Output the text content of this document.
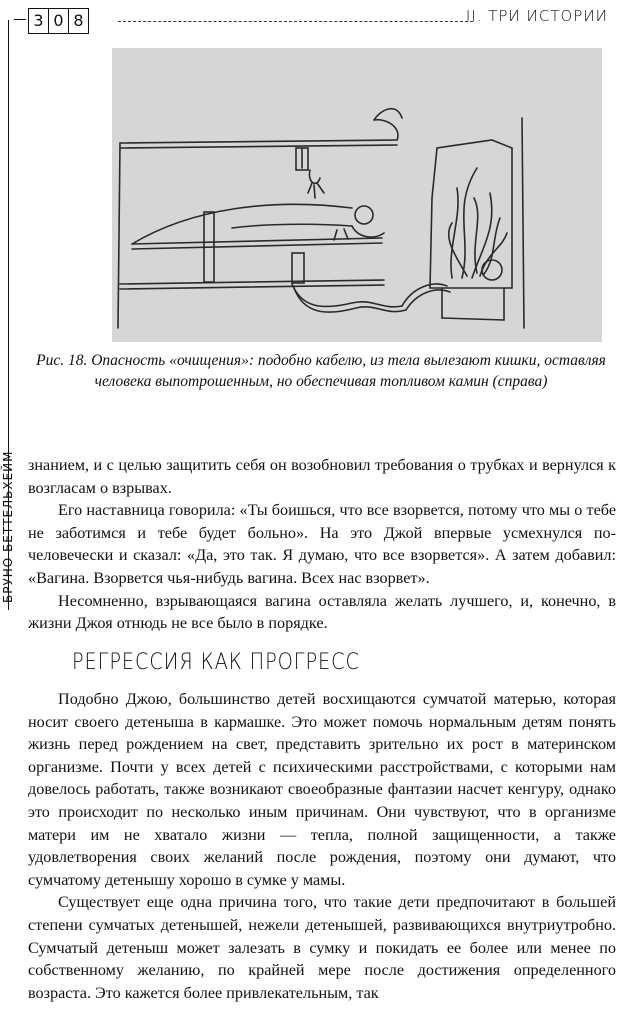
3 0 8	II. ТРИ ИСТОРИИ
БРУНО БЕТТЕЛЬХЕЙМ
Рис. 18. Опасность «очищения»: подобно кабелю, из тела вылезают кишки, оставляя человека выпотрошенным, но обеспечивая топливом камин (справа)

знанием, и с целью защитить себя он возобновил требования о трубках и вернулся к возгласам о взрывах.

Его наставница говорила: «Ты боишься, что все взорвется, потому что мы о тебе не заботимся и тебе будет больно». На это Джой впервые усмехнулся по-человечески и сказал: «Да, это так. Я думаю, что все взорвется». А затем добавил: «Вагина. Взорвется чья-нибудь вагина. Всех нас взорвет».

Несомненно, взрывающаяся вагина оставляла желать лучшего, и, конечно, в жизни Джоя отнюдь не все было в порядке.

РЕГРЕССИЯ КАК ПРОГРЕСС

Подобно Джою, большинство детей восхищаются сумчатой матерью, которая носит своего детеныша в кармашке. Это может помочь нормальным детям понять жизнь перед рождением на свет, представить зрительно их рост в материнском организме. Почти у всех детей с психическими расстройствами, с которыми нам довелось работать, также возникают своеобразные фантазии насчет кенгуру, однако это происходит по несколько иным причинам. Они чувствуют, что в организме матери им не хватало жизни — тепла, полной защищенности, а также удовлетворения своих желаний после рождения, поэтому они думают, что сумчатому детенышу хорошо в сумке у мамы.

Существует еще одна причина того, что такие дети предпочитают в большей степени сумчатых детенышей, нежели детенышей, развивающихся внутриутробно. Сумчатый детеныш может залезать в сумку и покидать ее более или менее по собственному желанию, по крайней мере после достижения определенного возраста. Это кажется более привлекательным, так
